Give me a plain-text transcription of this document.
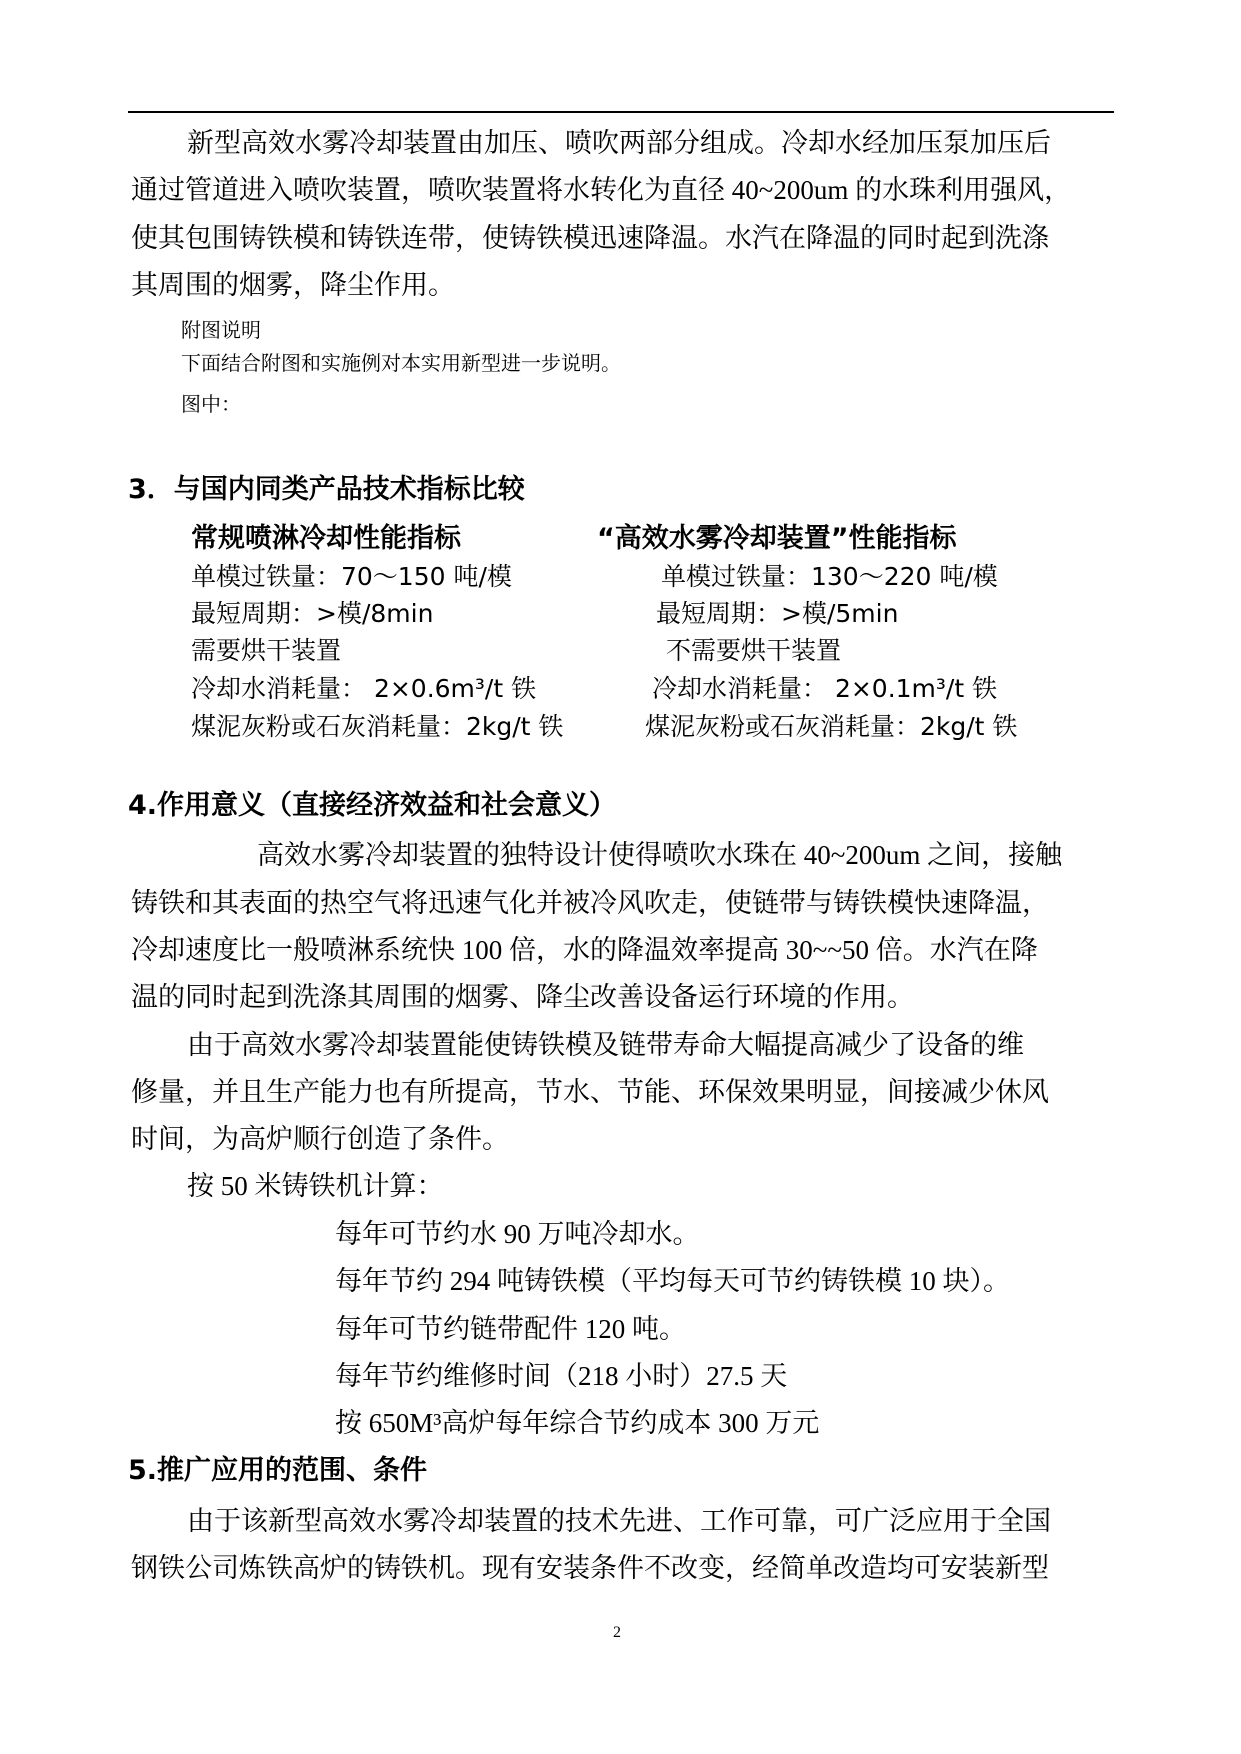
新型高效水雾冷却装置由加压、喷吹两部分组成。冷却水经加压泵加压后
通过管道进入喷吹装置，喷吹装置将水转化为直径 40~200um 的水珠利用强风，
使其包围铸铁模和铸铁连带，使铸铁模迅速降温。水汽在降温的同时起到洗涤
其周围的烟雾，降尘作用。
附图说明
下面结合附图和实施例对本实用新型进一步说明。
图中：
3．与国内同类产品技术指标比较
常规喷淋冷却性能指标	“高效水雾冷却装置”性能指标
单模过铁量：70～150 吨/模	单模过铁量：130～220 吨/模
最短周期：>模/8min	最短周期：>模/5min
需要烘干装置	不需要烘干装置
冷却水消耗量： 2×0.6m³/t 铁	冷却水消耗量： 2×0.1m³/t 铁
煤泥灰粉或石灰消耗量：2kg/t 铁	煤泥灰粉或石灰消耗量：2kg/t 铁
4.作用意义（直接经济效益和社会意义）
高效水雾冷却装置的独特设计使得喷吹水珠在 40~200um 之间，接触
铸铁和其表面的热空气将迅速气化并被冷风吹走，使链带与铸铁模快速降温，
冷却速度比一般喷淋系统快 100 倍，水的降温效率提高 30~~50 倍。水汽在降
温的同时起到洗涤其周围的烟雾、降尘改善设备运行环境的作用。
由于高效水雾冷却装置能使铸铁模及链带寿命大幅提高减少了设备的维
修量，并且生产能力也有所提高，节水、节能、环保效果明显，间接减少休风
时间，为高炉顺行创造了条件。
按 50 米铸铁机计算：
每年可节约水 90 万吨冷却水。
每年节约 294 吨铸铁模（平均每天可节约铸铁模 10 块）。
每年可节约链带配件 120 吨。
每年节约维修时间（218 小时）27.5 天
按 650M³高炉每年综合节约成本 300 万元
5.推广应用的范围、条件
由于该新型高效水雾冷却装置的技术先进、工作可靠，可广泛应用于全国
钢铁公司炼铁高炉的铸铁机。现有安装条件不改变，经简单改造均可安装新型
2
